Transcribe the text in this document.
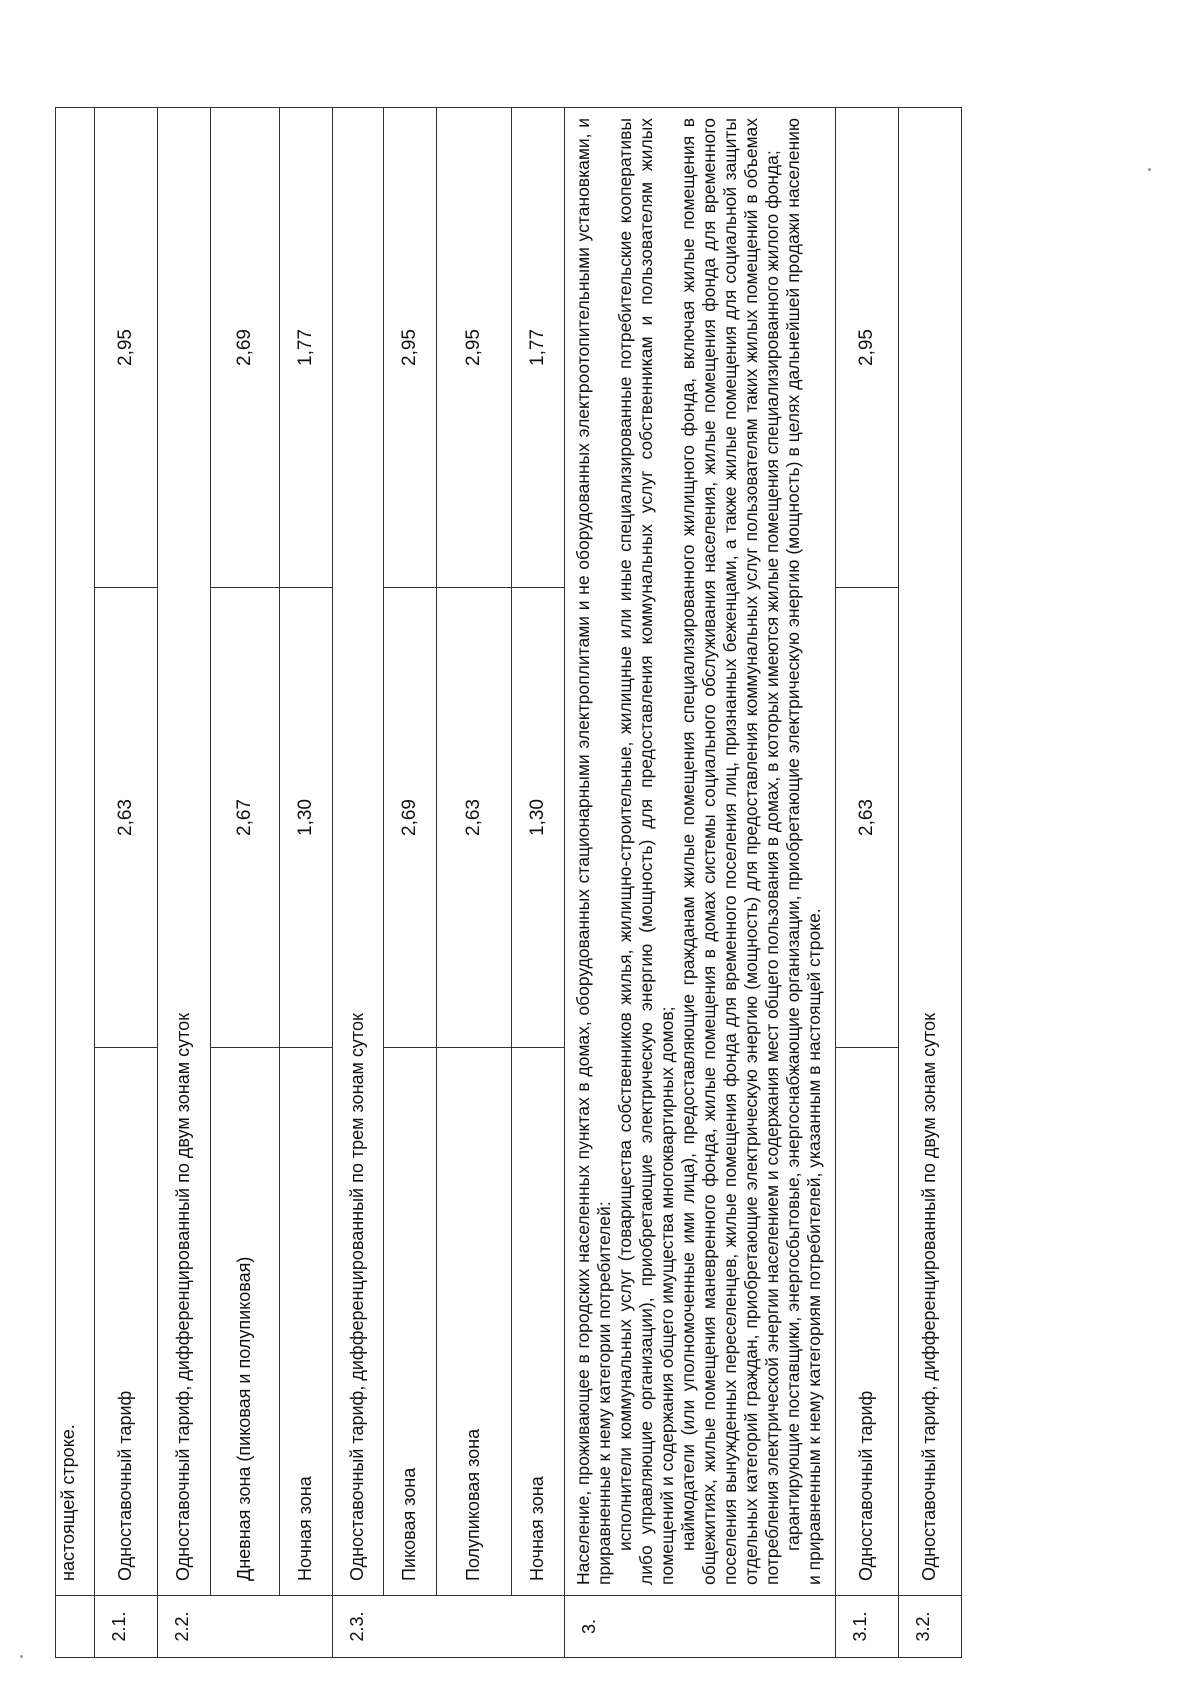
	настоящей строке.		
2.1.	Одноставочный тариф	2,63	2,95
2.2.	Одноставочный тариф, дифференцированный по двум зонам суток		
	Дневная зона (пиковая и полупиковая)	2,67	2,69
	Ночная зона	1,30	1,77
2.3.	Одноставочный тариф, дифференцированный по трем зонам суток		
	Пиковая зона	2,69	2,95
	Полупиковая зона	2,63	2,95
	Ночная зона	1,30	1,77
3.	Население, проживающее в городских населенных пунктах в домах, оборудованных стационарными электроплитами и не оборудованных электроотопительными установками, и приравненные к нему категории потребителей: исполнители коммунальных услуг (товарищества собственников жилья, жилищно-строительные, жилищные или иные специализированные потребительские кооперативы либо управляющие организации), приобретающие электрическую энергию (мощность) для предоставления коммунальных услуг собственникам и пользователям жилых помещений и содержания общего имущества многоквартирных домов; наймодатели (или уполномоченные ими лица), предоставляющие гражданам жилые помещения специализированного жилищного фонда, включая жилые помещения в общежитиях, жилые помещения маневренного фонда, жилые помещения в домах системы социального обслуживания населения, жилые помещения фонда для временного поселения вынужденных переселенцев, жилые помещения фонда для временного поселения лиц, признанных беженцами, а также жилые помещения для социальной защиты отдельных категорий граждан, приобретающие электрическую энергию (мощность) для предоставления коммунальных услуг пользователям таких жилых помещений в объемах потребления электрической энергии населением и содержания мест общего пользования в домах, в которых имеются жилые помещения специализированного жилого фонда; гарантирующие поставщики, энергосбытовые, энергоснабжающие организации, приобретающие электрическую энергию (мощность) в целях дальнейшей продажи населению и приравненным к нему категориям потребителей, указанным в настоящей строке.		

3.1.	Одноставочный тариф	2,63	2,95
3.2.	Одноставочный тариф, дифференцированный по двум зонам суток		
